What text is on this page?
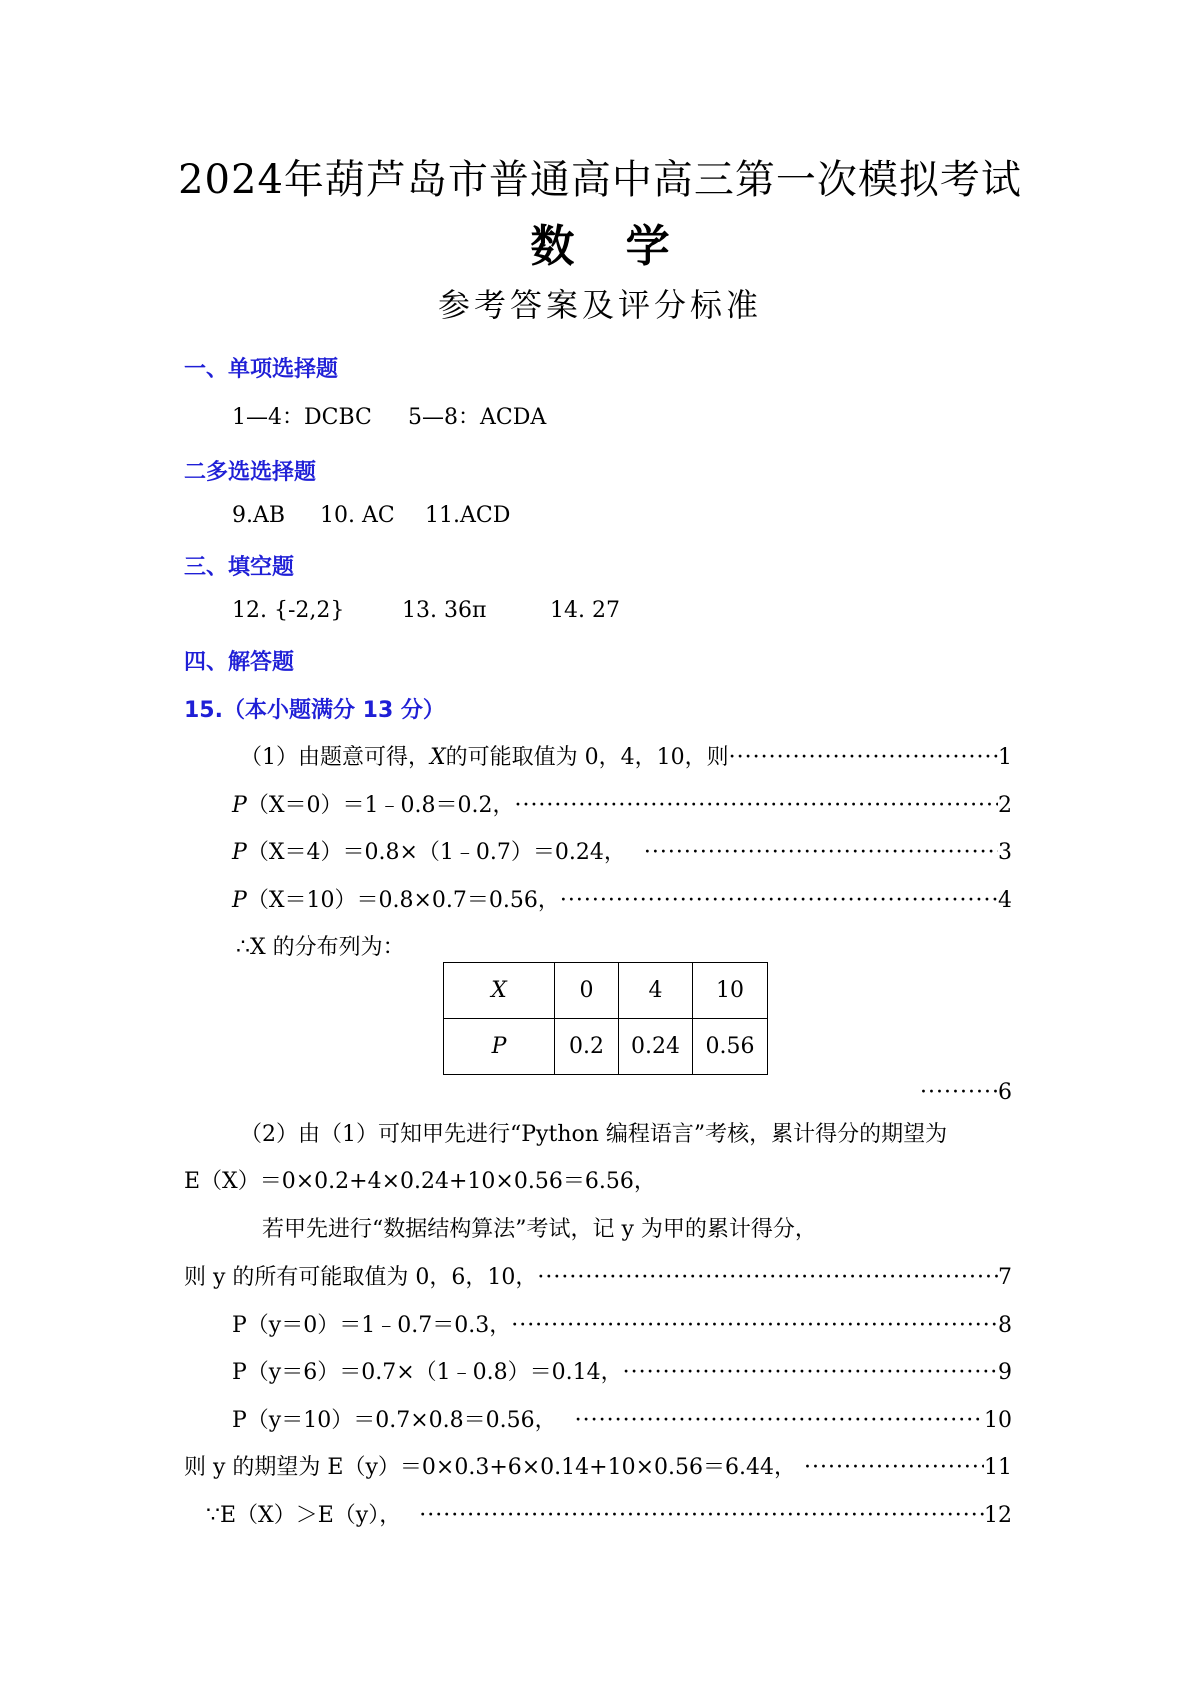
2024年葫芦岛市普通高中高三第一次模拟考试
数 学
参考答案及评分标准
一、单项选择题
1—4：DCBC 5—8：ACDA
二多选选择题
9.AB 10. AC 11.ACD
三、填空题
12. {-2,2}	13. 36π	14. 27
四、解答题
15.（本小题满分 13 分）
（1）由题意可得，X的可能取值为 0，4，10，则 ·····	1
P（X＝0）＝1﹣0.8＝0.2， ·····	2
P（X＝4）＝0.8×（1﹣0.7）＝0.24， ·····	3
P（X＝10）＝0.8×0.7＝0.56， ·····	4
∴X 的分布列为：
X	0	4	10
P	0.2	0.24	0.56
·····
6
（2）由（1）可知甲先进行“Python 编程语言”考核，累计得分的期望为
E（X）＝0×0.2+4×0.24+10×0.56＝6.56，
若甲先进行“数据结构算法”考试，记 y 为甲的累计得分，
则 y 的所有可能取值为 0，6，10， ·····	7
P（y＝0）＝1﹣0.7＝0.3， ·····	8
P（y＝6）＝0.7×（1﹣0.8）＝0.14， ·····	9
P（y＝10）＝0.7×0.8＝0.56， ·····	10
则 y 的期望为 E（y）＝0×0.3+6×0.14+10×0.56＝6.44， ·····	11
∵E（X）＞E（y）， ·····	12
